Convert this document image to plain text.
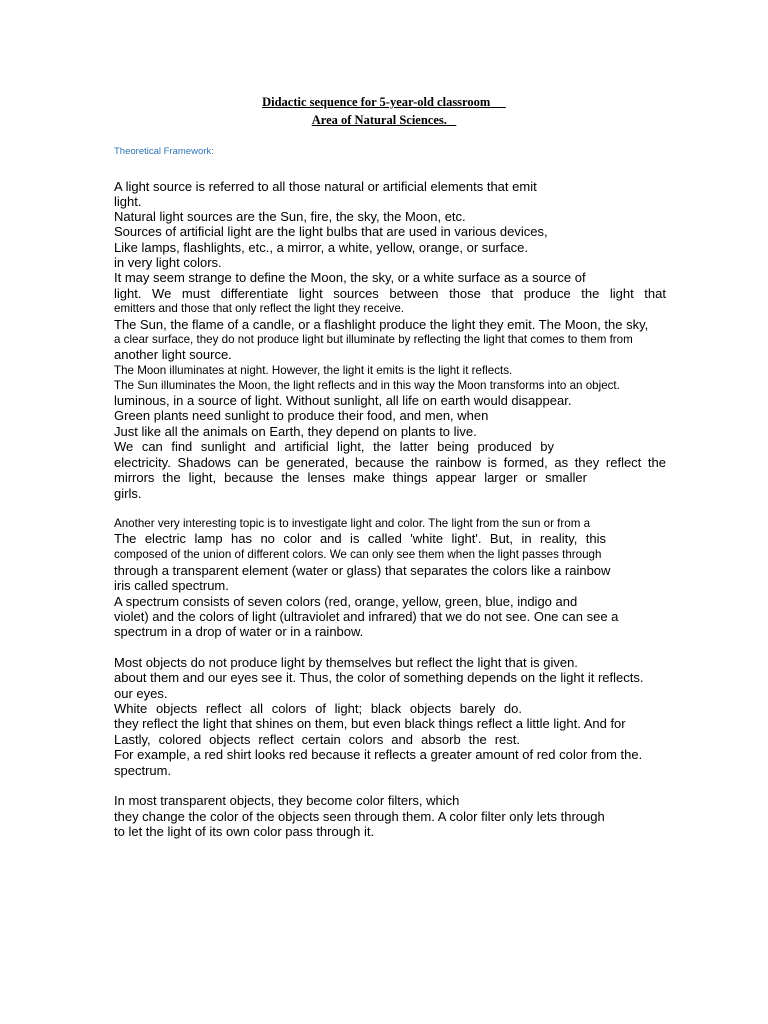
Didactic sequence for 5-year-old classroom
Area of Natural Sciences.
Theoretical Framework:
A light source is referred to all those natural or artificial elements that emit
light.
Natural light sources are the Sun, fire, the sky, the Moon, etc.
Sources of artificial light are the light bulbs that are used in various devices,
Like lamps, flashlights, etc., a mirror, a white, yellow, orange, or surface.
in very light colors.
It may seem strange to define the Moon, the sky, or a white surface as a source of
light. We must differentiate light sources between those that produce the light that
emitters and those that only reflect the light they receive.
The Sun, the flame of a candle, or a flashlight produce the light they emit. The Moon, the sky,
a clear surface, they do not produce light but illuminate by reflecting the light that comes to them from
another light source.
The Moon illuminates at night. However, the light it emits is the light it reflects.
The Sun illuminates the Moon, the light reflects and in this way the Moon transforms into an object.
luminous, in a source of light. Without sunlight, all life on earth would disappear.
Green plants need sunlight to produce their food, and men, when
Just like all the animals on Earth, they depend on plants to live.
We can find sunlight and artificial light, the latter being produced by
electricity. Shadows can be generated, because the rainbow is formed, as they reflect the
mirrors the light, because the lenses make things appear larger or smaller
girls.
Another very interesting topic is to investigate light and color. The light from the sun or from a
The electric lamp has no color and is called 'white light'. But, in reality, this
composed of the union of different colors. We can only see them when the light passes through
through a transparent element (water or glass) that separates the colors like a rainbow
iris called spectrum.
A spectrum consists of seven colors (red, orange, yellow, green, blue, indigo and
violet) and the colors of light (ultraviolet and infrared) that we do not see. One can see a
spectrum in a drop of water or in a rainbow.
Most objects do not produce light by themselves but reflect the light that is given.
about them and our eyes see it. Thus, the color of something depends on the light it reflects.
our eyes.
White objects reflect all colors of light; black objects barely do.
they reflect the light that shines on them, but even black things reflect a little light. And for
Lastly, colored objects reflect certain colors and absorb the rest.
For example, a red shirt looks red because it reflects a greater amount of red color from the.
spectrum.
In most transparent objects, they become color filters, which
they change the color of the objects seen through them. A color filter only lets through
to let the light of its own color pass through it.
